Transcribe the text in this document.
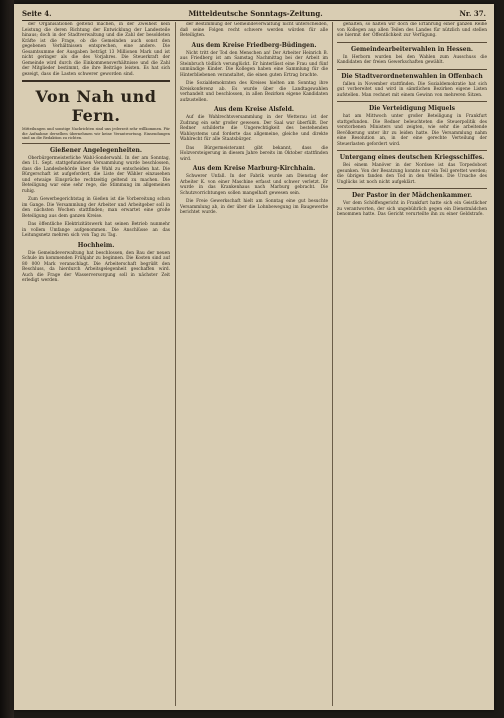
Seite 4.	Mitteldeutsche Sonntags-Zeitung.	Nr. 37.

der Organisationen geltend machen, in der Zweiheit kein Leistung die deren Richtung der Entwicklung der Landesteile hinaus; doch in der Stadtverwaltung und die Zahl der besoldeten Kräfte ist die Frage, ob die Gemeinden auch sonst den gegebenen Verhältnissen entsprechen, eine andere. Die Gesamtsumme der Ausgaben beträgt 13 Millionen Mark und ist nicht geringer als die des Vorjahres. Die Steuerkraft der Gemeinde wird durch die Einkommensverhältnisse und die Zahl der Mitglieder bestimmt, die ihre Beiträge leisten. Es hat sich gezeigt, dass die Lasten schwerer geworden sind.

Von Nah und Fern.

Mitteilungen und sonstige Nachrichten sind uns jederzeit sehr willkommen. Für die Aufnahme derselben übernehmen wir keine Verantwortung. Einsendungen sind an die Redaktion zu richten.

Gießener Angelegenheiten.

Oberbürgermeisterliche Wahl-Sonderwahl. In der am Sonntag, den 11. Sept. stattgefundenen Versammlung wurde beschlossen, dass die Landesbehörde über die Wahl zu entscheiden hat. Die Bürgerschaft ist aufgefordert, die Liste der Wähler einzusehen und etwaige Einsprüche rechtzeitig geltend zu machen. Die Beteiligung war eine sehr rege, die Stimmung im allgemeinen ruhig.

Zum Gewerbegerichtstag in Gießen ist die Vorbereitung schon im Gange. Die Versammlung der Arbeiter und Arbeitgeber soll in den nächsten Wochen stattfinden; man erwartet eine große Beteiligung aus dem ganzen Kreise.

Das öffentliche Elektrizitätswerk hat seinen Betrieb nunmehr in vollem Umfange aufgenommen. Die Anschlüsse an das Leitungsnetz mehren sich von Tag zu Tag.

Hochheim.

Die Gemeindeverwaltung hat beschlossen, den Bau der neuen Schule im kommenden Frühjahr zu beginnen. Die Kosten sind auf 80 000 Mark veranschlagt. Die Arbeiterschaft begrüßt den Beschluss, da hierdurch Arbeitsgelegenheit geschaffen wird. Auch die Frage der Wasserversorgung soll in nächster Zeit erledigt werden.

der Bestimmung der Gemeindeverwaltung nicht unterscheiden, daß seine Folgen recht schwere werden würden für alle Beteiligten.

Aus dem Kreise Friedberg-Büdingen.

Nicht tritt der Tod den Menschen an! Der Arbeiter Heinrich B. aus Friedberg ist am Samstag Nachmittag bei der Arbeit im Steinbruch tödlich verunglückt. Er hinterlässt eine Frau und fünf unmündige Kinder. Die Kollegen haben eine Sammlung für die Hinterbliebenen veranstaltet, die einen guten Ertrag brachte.

Die Sozialdemokraten des Kreises hielten am Sonntag ihre Kreiskonferenz ab. Es wurde über die Landtagswahlen verhandelt und beschlossen, in allen Bezirken eigene Kandidaten aufzustellen.

Aus dem Kreise Alsfeld.

Auf die Wahlrechtsversammlung in der Wetterau ist der Zudrang ein sehr großer gewesen. Der Saal war überfüllt. Der Redner schilderte die Ungerechtigkeit des bestehenden Wahlsystems und forderte das allgemeine, gleiche und direkte Wahlrecht für alle Staatsbürger.

Das Bürgermeisteramt gibt bekannt, dass die Holzversteigerung in diesem Jahre bereits im Oktober stattfinden wird.

Aus dem Kreise Marburg-Kirchhain.

Schwerer Unfall. In der Fabrik wurde am Dienstag der Arbeiter K. von einer Maschine erfasst und schwer verletzt. Er wurde in das Krankenhaus nach Marburg gebracht. Die Schutzvorrichtungen sollen mangelhaft gewesen sein.

Die Freie Gewerkschaft hielt am Sonntag eine gut besuchte Versammlung ab, in der über die Lohnbewegung im Baugewerbe berichtet wurde.

gehalten, so halten wir doch die Erfahrung einer ganzen Reihe von Kollegen aus allen Teilen des Landes für nützlich und stellen sie hiermit der Öffentlichkeit zur Verfügung.

Gemeindearbeiterwahlen in Hessen.

In Herborn wurden bei den Wahlen zum Ausschuss die Kandidaten der freien Gewerkschaften gewählt.

Die Stadtverordnetenwahlen in Offenbach

fallen in November stattfinden. Die Sozialdemokratie hat sich gut vorbereitet und wird in sämtlichen Bezirken eigene Listen aufstellen. Man rechnet mit einem Gewinn von mehreren Sitzen.

Die Verteidigung Miquels

hat am Mittwoch unter großer Beteiligung in Frankfurt stattgefunden. Die Redner beleuchteten die Steuerpolitik des verstorbenen Ministers und zeigten, wie sehr die arbeitende Bevölkerung unter ihr zu leiden hatte. Die Versammlung nahm eine Resolution an, in der eine gerechte Verteilung der Steuerlasten gefordert wird.

Untergang eines deutschen Kriegsschiffes.

Bei einem Manöver in der Nordsee ist das Torpedoboot gesunken. Von der Besatzung konnte nur ein Teil gerettet werden; die übrigen fanden den Tod in den Wellen. Die Ursache des Unglücks ist noch nicht aufgeklärt.

Der Pastor in der Mädchenkammer.

Vor dem Schöffengericht in Frankfurt hatte sich ein Geistlicher zu verantworten, der sich ungebührlich gegen ein Dienstmädchen benommen hatte. Das Gericht verurteilte ihn zu einer Geldstrafe.
